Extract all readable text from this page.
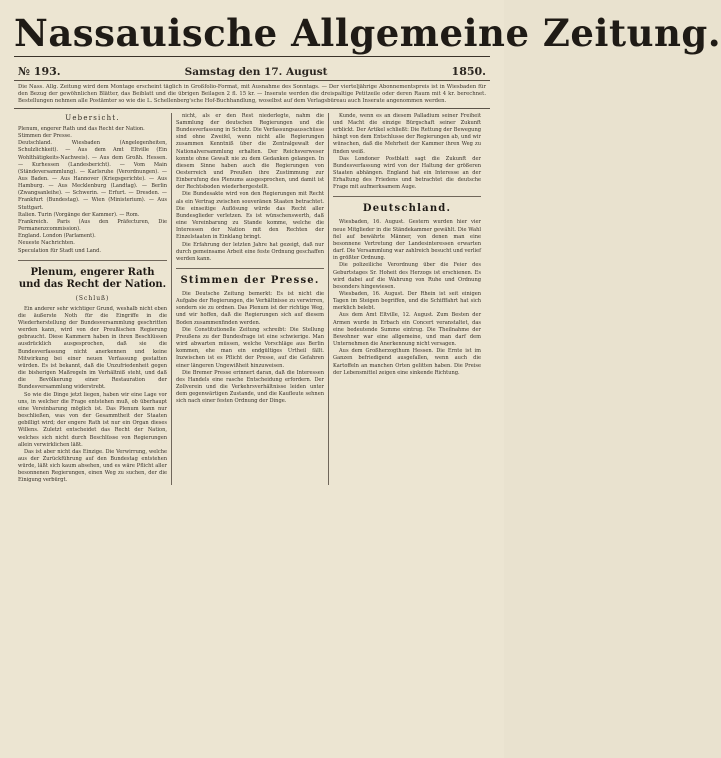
Nassauische Allgemeine Zeitung.
№ 193.	Samstag den 17. August	1850.
Die Nass. Allg. Zeitung wird dem Montage erscheint täglich in Großfolio-Format, mit Ausnahme des Sonntags. — Der vierteljährige Abonnementspreis ist in Wiesbaden für den Bezug der gewöhnlichen Blätter, das Beiblatt und die übrigen Beilagen 2 fl. 15 kr. — Inserate werden die dreispaltige Petitzeile oder deren Raum mit 4 kr. berechnet. Bestellungen nehmen alle Postämter so wie die L. Schellenberg'sche Hof-Buchhandlung, woselbst auf dem Verlagsbüreau auch Inserate angenommen werden.
Uebersicht.

Plenum, engerer Rath und das Recht der Nation.

Stimmen der Presse.

Deutschland. Wiesbaden (Angelegenheiten, Schulzlichkeit). — Aus dem Amt Eltville (Ein Wohlthätigkeits-Nachweis). — Aus dem Großh. Hessen. — Kurhessen (Landesbericht). — Vom Main (Ständeversammlung). — Karlsruhe (Verordnungen). — Aus Baden. — Aus Hannover (Kriegsgerichte). — Aus Hamburg. — Aus Mecklenburg (Landtag). — Berlin (Zwangsanleihe). — Schwerin. — Erfurt. — Dresden. — Frankfurt (Bundestag). — Wien (Ministerium). — Aus Stuttgart.

Italien. Turin (Vorgänge der Kammer). — Rom.

Frankreich. Paris (Aus den Präfecturen, Die Permanenzcommission).

England. London (Parlament).

Neueste Nachrichten.

Speculation für Stadt und Land.

Plenum, engerer Rath und das Recht der Nation.
(Schluß)

Ein anderer sehr wichtiger Grund, weshalb nicht eben die äußerste Noth für die Eingriffe in die Wiederherstellung der Bundesversammlung geschritten werden kann, wird von der Preußischen Regierung gebraucht. Diese Kammern haben in ihren Beschlüssen ausdrücklich ausgesprochen, daß sie die Bundesverfassung nicht anerkennen und keine Mitwirkung bei einer neuen Verfassung gestatten würden. Es ist bekannt, daß die Unzufriedenheit gegen die bisherigen Maßregeln im Verhältniß steht, und daß die Bevölkerung einer Restauration der Bundesversammlung widerstrebt.

So wie die Dinge jetzt liegen, haben wir eine Lage vor uns, in welcher die Frage entstehen muß, ob überhaupt eine Vereinbarung möglich ist. Das Plenum kann nur beschließen, was von der Gesammtheit der Staaten gebilligt wird; der engere Rath ist nur ein Organ dieses Willens. Zuletzt entscheidet das Recht der Nation, welches sich nicht durch Beschlüsse von Regierungen allein verwirklichen läßt.

Das ist aber nicht das Einzige. Die Verwirrung, welche aus der Zurückführung auf den Bundestag entstehen würde, läßt sich kaum absehen, und es wäre Pflicht aller besonnenen Regierungen, einen Weg zu suchen, der die Einigung verbürgt.

nicht, als er den Rest niederlegte, nahm die Sammlung der deutschen Regierungen und die Bundesverfassung in Schutz. Die Verfassungsausschüsse sind ohne Zweifel, wenn nicht alle Regierungen zusammen Kenntniß über die Zentralgewalt der Nationalversammlung erhalten. Der Reichsverweser konnte ohne Gewalt nie zu dem Gedanken gelangen. In diesem Sinne haben auch die Regierungen von Oesterreich und Preußen ihre Zustimmung zur Einberufung des Plenums ausgesprochen, und damit ist der Rechtsboden wiederhergestellt.

Die Bundesakte wird von den Regierungen mit Recht als ein Vertrag zwischen souveränen Staaten betrachtet. Die einseitige Auflösung würde das Recht aller Bundesglieder verletzen. Es ist wünschenswerth, daß eine Vereinbarung zu Stande komme, welche die Interessen der Nation mit den Rechten der Einzelstaaten in Einklang bringt.

Die Erfahrung der letzten Jahre hat gezeigt, daß nur durch gemeinsame Arbeit eine feste Ordnung geschaffen werden kann.

Stimmen der Presse.

Die Deutsche Zeitung bemerkt: Es ist nicht die Aufgabe der Regierungen, die Verhältnisse zu verwirren, sondern sie zu ordnen. Das Plenum ist der richtige Weg, und wir hoffen, daß die Regierungen sich auf diesem Boden zusammenfinden werden.

Die Constitutionelle Zeitung schreibt: Die Stellung Preußens zu der Bundesfrage ist eine schwierige. Man wird abwarten müssen, welche Vorschläge aus Berlin kommen, ehe man ein endgültiges Urtheil fällt. Inzwischen ist es Pflicht der Presse, auf die Gefahren einer längeren Ungewißheit hinzuweisen.

Die Bremer Presse erinnert daran, daß die Interessen des Handels eine rasche Entscheidung erfordern. Der Zollverein und die Verkehrsverhältnisse leiden unter dem gegenwärtigen Zustande, und die Kaufleute sehnen sich nach einer festen Ordnung der Dinge.

Kunde, wenn es an diesem Palladium seiner Freiheit und Macht die einzige Bürgschaft seiner Zukunft erblickt. Der Artikel schließt: Die Rettung der Bewegung hängt von dem Entschlusse der Regierungen ab, und wir wünschen, daß die Mehrheit der Kammer ihren Weg zu finden weiß.

Das Londoner Postblatt sagt die Zukunft der Bundesverfassung wird von der Haltung der größeren Staaten abhängen. England hat ein Interesse an der Erhaltung des Friedens und betrachtet die deutsche Frage mit aufmerksamem Auge.

Deutschland.

Wiesbaden, 16. August. Gestern wurden hier vier neue Mitglieder in die Ständekammer gewählt. Die Wahl fiel auf bewährte Männer, von denen man eine besonnene Vertretung der Landesinteressen erwarten darf. Die Versammlung war zahlreich besucht und verlief in größter Ordnung.

Die polizeiliche Verordnung über die Feier des Geburtstages Sr. Hoheit des Herzogs ist erschienen. Es wird dabei auf die Wahrung von Ruhe und Ordnung besonders hingewiesen.

Wiesbaden, 16. August. Der Rhein ist seit einigen Tagen im Steigen begriffen, und die Schifffahrt hat sich merklich belebt.

Aus dem Amt Eltville, 12. August. Zum Besten der Armen wurde in Erbach ein Concert veranstaltet, das eine bedeutende Summe eintrug. Die Theilnahme der Bewohner war eine allgemeine, und man darf dem Unternehmen die Anerkennung nicht versagen.

Aus dem Großherzogthum Hessen. Die Ernte ist im Ganzen befriedigend ausgefallen, wenn auch die Kartoffeln an manchen Orten gelitten haben. Die Preise der Lebensmittel zeigen eine sinkende Richtung.
